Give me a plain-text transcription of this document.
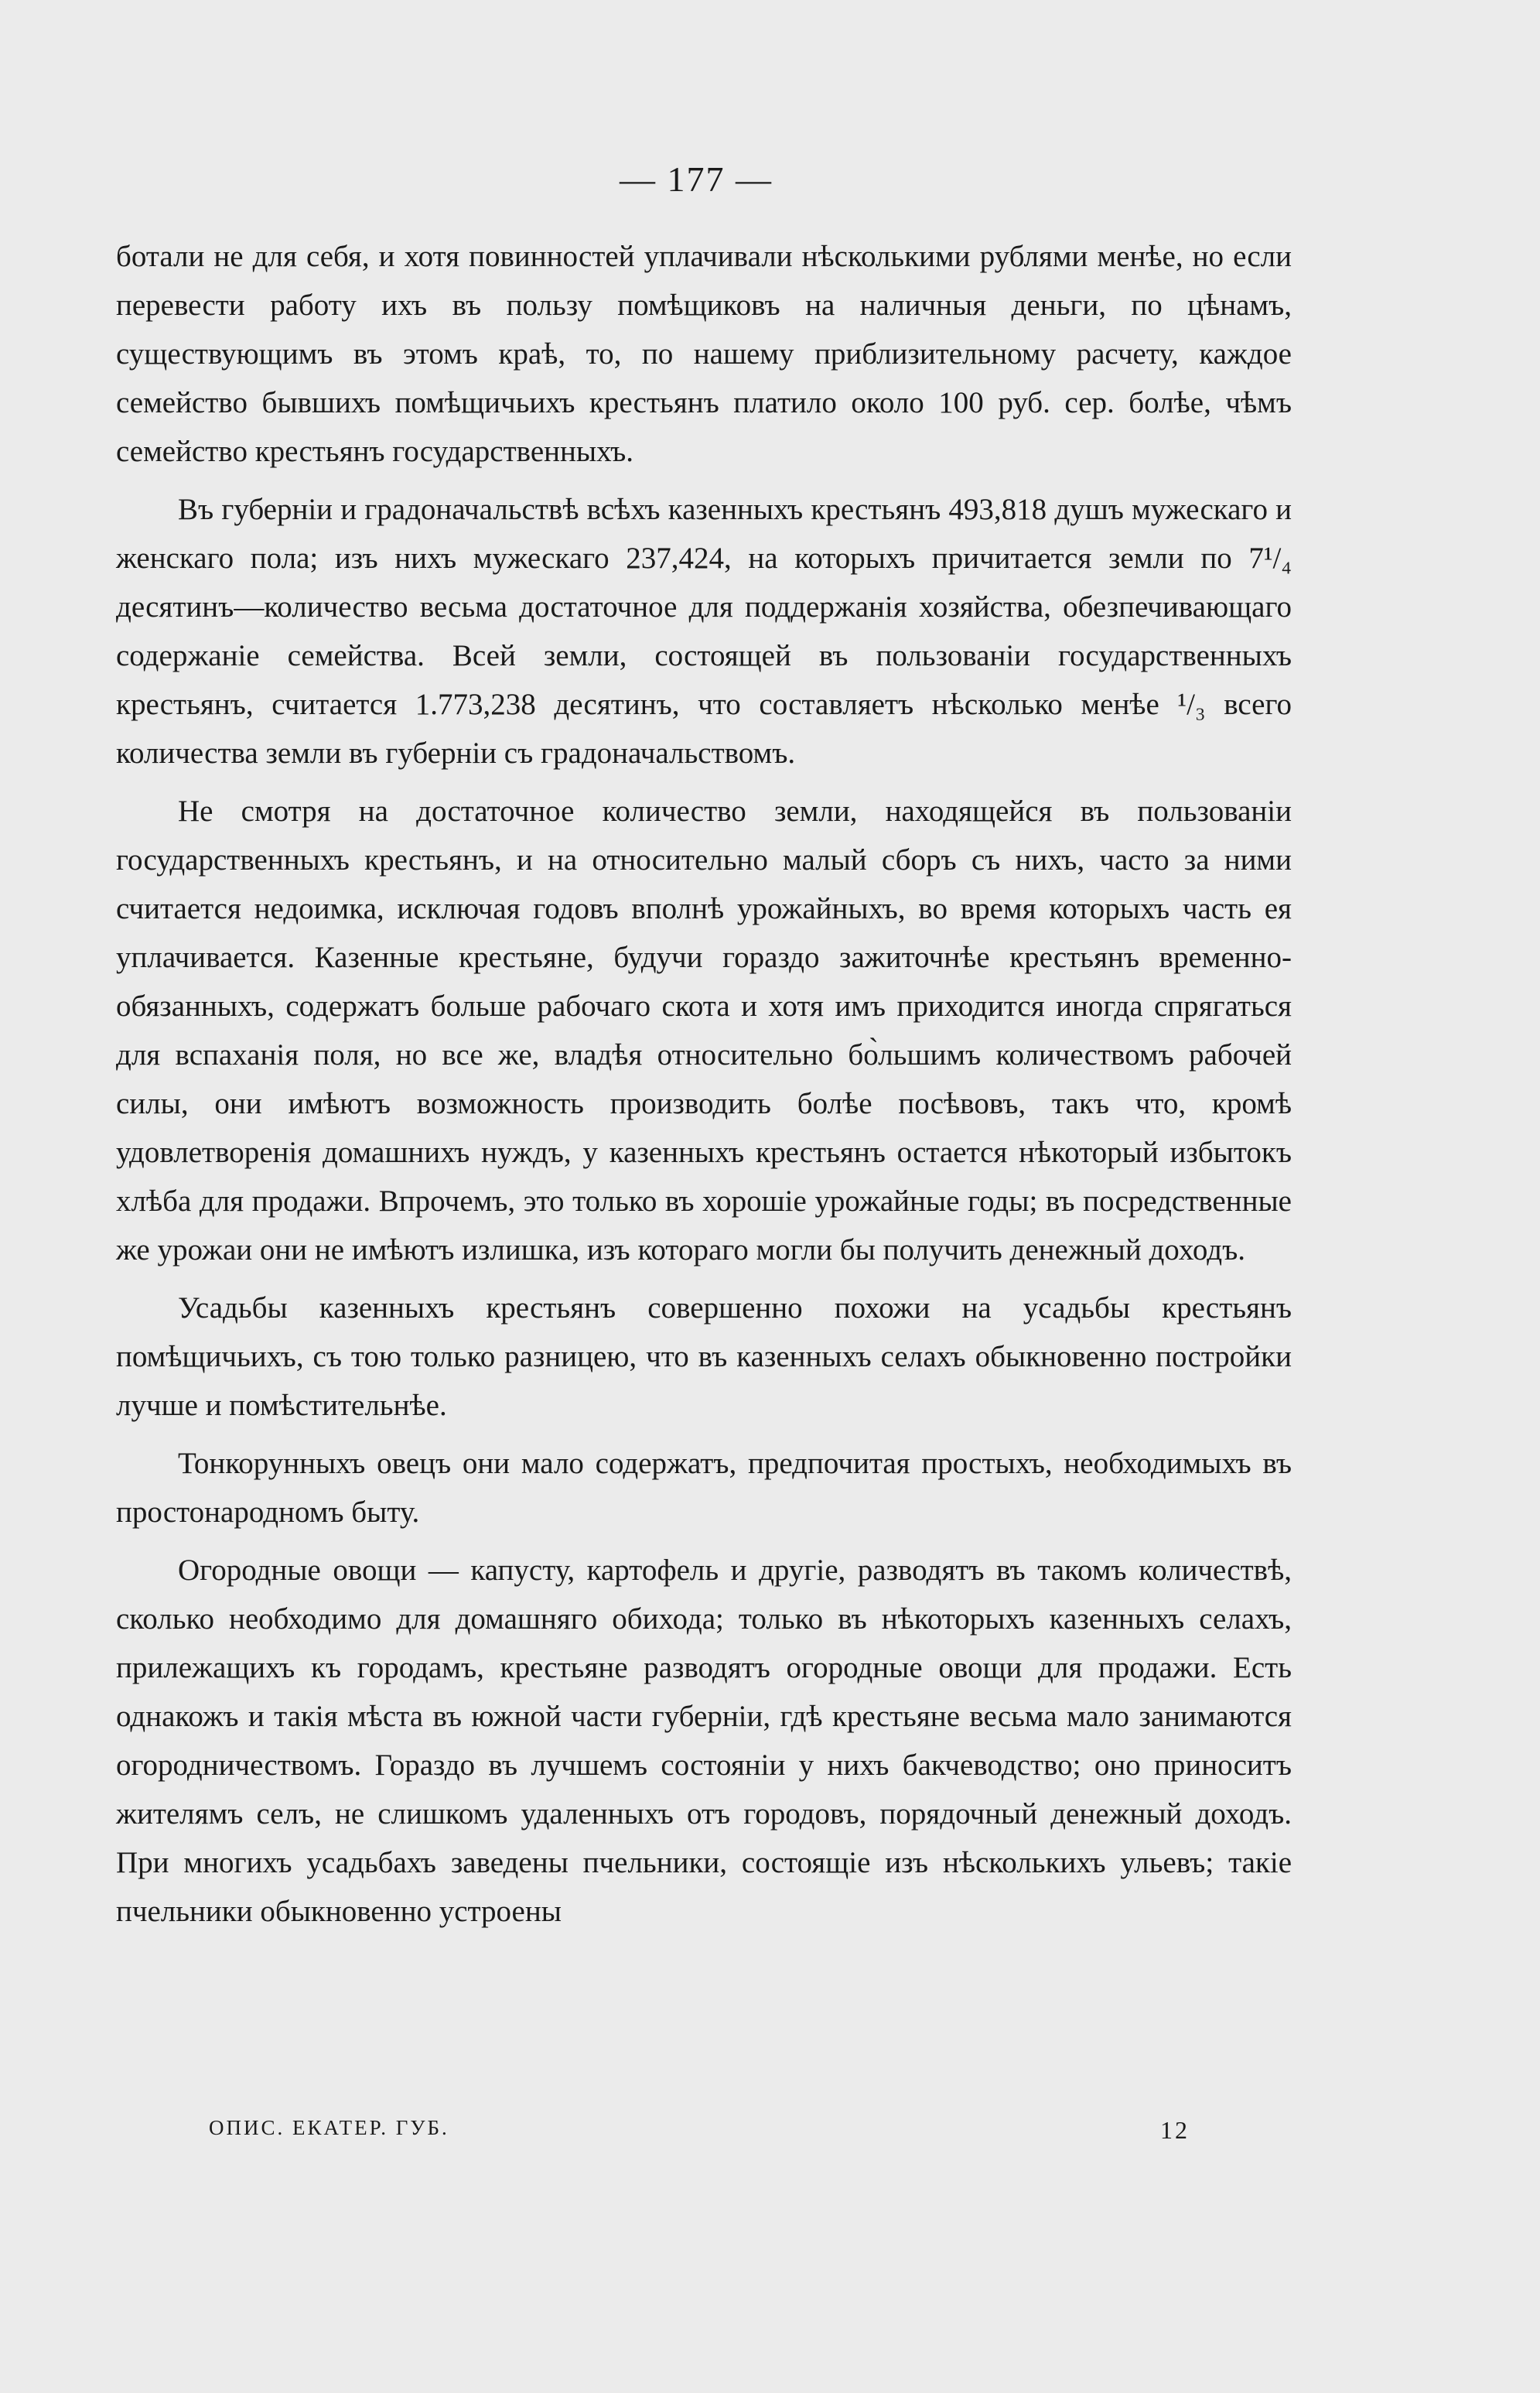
— 177 —

ботали не для себя, и хотя повинностей уплачивали нѣсколькими рублями менѣе, но если перевести работу ихъ въ пользу помѣщиковъ на наличныя деньги, по цѣнамъ, существующимъ въ этомъ краѣ, то, по нашему приблизительному расчету, каждое семейство бывшихъ помѣщичьихъ крестьянъ платило около 100 руб. сер. болѣе, чѣмъ семейство крестьянъ государственныхъ.

Въ губерніи и градоначальствѣ всѣхъ казенныхъ крестьянъ 493,818 душъ мужескаго и женскаго пола; изъ нихъ мужескаго 237,424, на которыхъ причитается земли по 7¹/₄ десятинъ—количество весьма достаточное для поддержанія хозяйства, обезпечивающаго содержаніе семейства. Всей земли, состоящей въ пользованіи государственныхъ крестьянъ, считается 1.773,238 десятинъ, что составляетъ нѣсколько менѣе ¹/₃ всего количества земли въ губерніи съ градоначальствомъ.

Не смотря на достаточное количество земли, находящейся въ пользованіи государственныхъ крестьянъ, и на относительно малый сборъ съ нихъ, часто за ними считается недоимка, исключая годовъ вполнѣ урожайныхъ, во время которыхъ часть ея уплачивается. Казенные крестьяне, будучи гораздо зажиточнѣе крестьянъ временно-обязанныхъ, содержатъ больше рабочаго скота и хотя имъ приходится иногда спрягаться для вспаханія поля, но все же, владѣя относительно бо̀льшимъ количествомъ рабочей силы, они имѣютъ возможность производить болѣе посѣвовъ, такъ что, кромѣ удовлетворенія домашнихъ нуждъ, у казенныхъ крестьянъ остается нѣкоторый избытокъ хлѣба для продажи. Впрочемъ, это только въ хорошіе урожайные годы; въ посредственные же урожаи они не имѣютъ излишка, изъ котораго могли бы получить денежный доходъ.

Усадьбы казенныхъ крестьянъ совершенно похожи на усадьбы крестьянъ помѣщичьихъ, съ тою только разницею, что въ казенныхъ селахъ обыкновенно постройки лучше и помѣстительнѣе.

Тонкорунныхъ овецъ они мало содержатъ, предпочитая простыхъ, необходимыхъ въ простонародномъ быту.

Огородные овощи — капусту, картофель и другіе, разводятъ въ такомъ количествѣ, сколько необходимо для домашняго обихода; только въ нѣкоторыхъ казенныхъ селахъ, прилежащихъ къ городамъ, крестьяне разводятъ огородные овощи для продажи. Есть однакожъ и такія мѣста въ южной части губерніи, гдѣ крестьяне весьма мало занимаются огородничествомъ. Гораздо въ лучшемъ состояніи у нихъ бакчеводство; оно приноситъ жителямъ селъ, не слишкомъ удаленныхъ отъ городовъ, порядочный денежный доходъ. При многихъ усадьбахъ заведены пчельники, состоящіе изъ нѣсколькихъ ульевъ; такіе пчельники обыкновенно устроены

ОПИС. ЕКАТЕР. ГУБ.	12
